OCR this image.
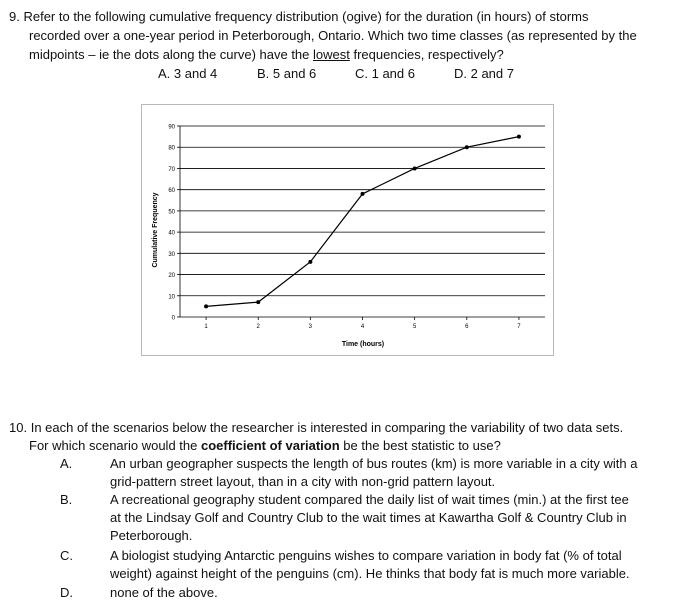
9. Refer to the following cumulative frequency distribution (ogive) for the duration (in hours) of storms
recorded over a one-year period in Peterborough, Ontario. Which two time classes (as represented by the
midpoints – ie the dots along the curve) have the lowest frequencies, respectively?
A. 3 and 4	B. 5 and 6	C. 1 and 6	D. 2 and 7
0
10
20
30
40
50
60
70
80
90
1	2	3	4	5	6	7
Time (hours)
Cumulative Frequency
10. In each of the scenarios below the researcher is interested in comparing the variability of two data sets.
For which scenario would the coefficient of variation be the best statistic to use?
A.	An urban geographer suspects the length of bus routes (km) is more variable in a city with a
grid-pattern street layout, than in a city with non-grid pattern layout.
B.	A recreational geography student compared the daily list of wait times (min.) at the first tee
at the Lindsay Golf and Country Club to the wait times at Kawartha Golf & Country Club in
Peterborough.
C.	A biologist studying Antarctic penguins wishes to compare variation in body fat (% of total
weight) against height of the penguins (cm). He thinks that body fat is much more variable.
D.	none of the above.
